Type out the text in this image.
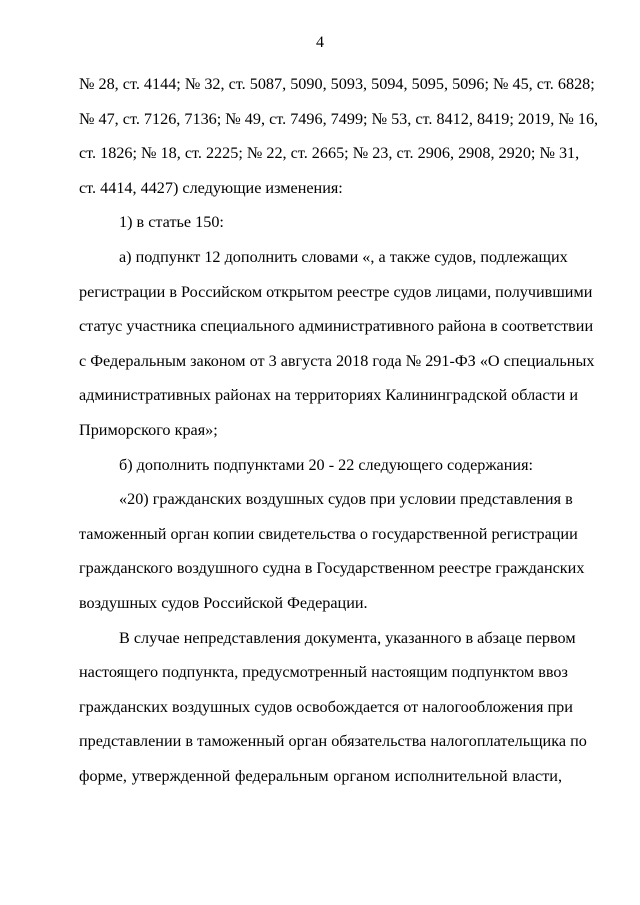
4

№ 28, ст. 4144; № 32, ст. 5087, 5090, 5093, 5094, 5095, 5096; № 45, ст. 6828;
№ 47, ст. 7126, 7136; № 49, ст. 7496, 7499; № 53, ст. 8412, 8419; 2019, № 16,
ст. 1826; № 18, ст. 2225; № 22, ст. 2665; № 23, ст. 2906, 2908, 2920; № 31,
ст. 4414, 4427) следующие изменения:

1) в статье 150:

а) подпункт 12 дополнить словами «, а также судов, подлежащих
регистрации в Российском открытом реестре судов лицами, получившими
статус участника специального административного района в соответствии
с Федеральным законом от 3 августа 2018 года № 291-ФЗ «О специальных
административных районах на территориях Калининградской области и
Приморского края»;

б) дополнить подпунктами 20 - 22 следующего содержания:

«20) гражданских воздушных судов при условии представления в
таможенный орган копии свидетельства о государственной регистрации
гражданского воздушного судна в Государственном реестре гражданских
воздушных судов Российской Федерации.

В случае непредставления документа, указанного в абзаце первом
настоящего подпункта, предусмотренный настоящим подпунктом ввоз
гражданских воздушных судов освобождается от налогообложения при
представлении в таможенный орган обязательства налогоплательщика по
форме, утвержденной федеральным органом исполнительной власти,
